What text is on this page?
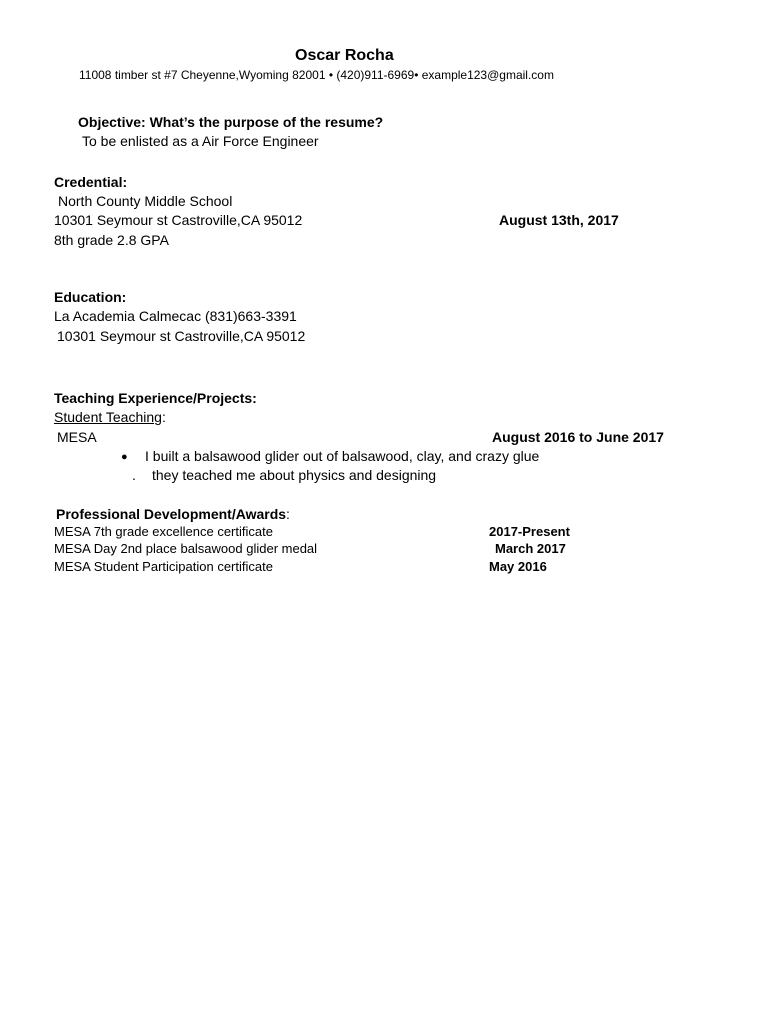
Oscar Rocha
11008 timber st #7 Cheyenne,Wyoming 82001 • (420)911-6969• example123@gmail.com
Objective: What’s the purpose of the resume?
To be enlisted as a Air Force Engineer
Credential:
North County Middle School
10301 Seymour st Castroville,CA 95012	August 13th, 2017
8th grade 2.8 GPA
Education:
La Academia Calmecac (831)663-3391
10301 Seymour st Castroville,CA 95012
Teaching Experience/Projects:
Student Teaching:
MESA	August 2016 to June 2017
● I built a balsawood glider out of balsawood, clay, and crazy glue
. they teached me about physics and designing
Professional Development/Awards:
MESA 7th grade excellence certificate	2017-Present
MESA Day 2nd place balsawood glider medal	March 2017
MESA Student Participation certificate	May 2016
